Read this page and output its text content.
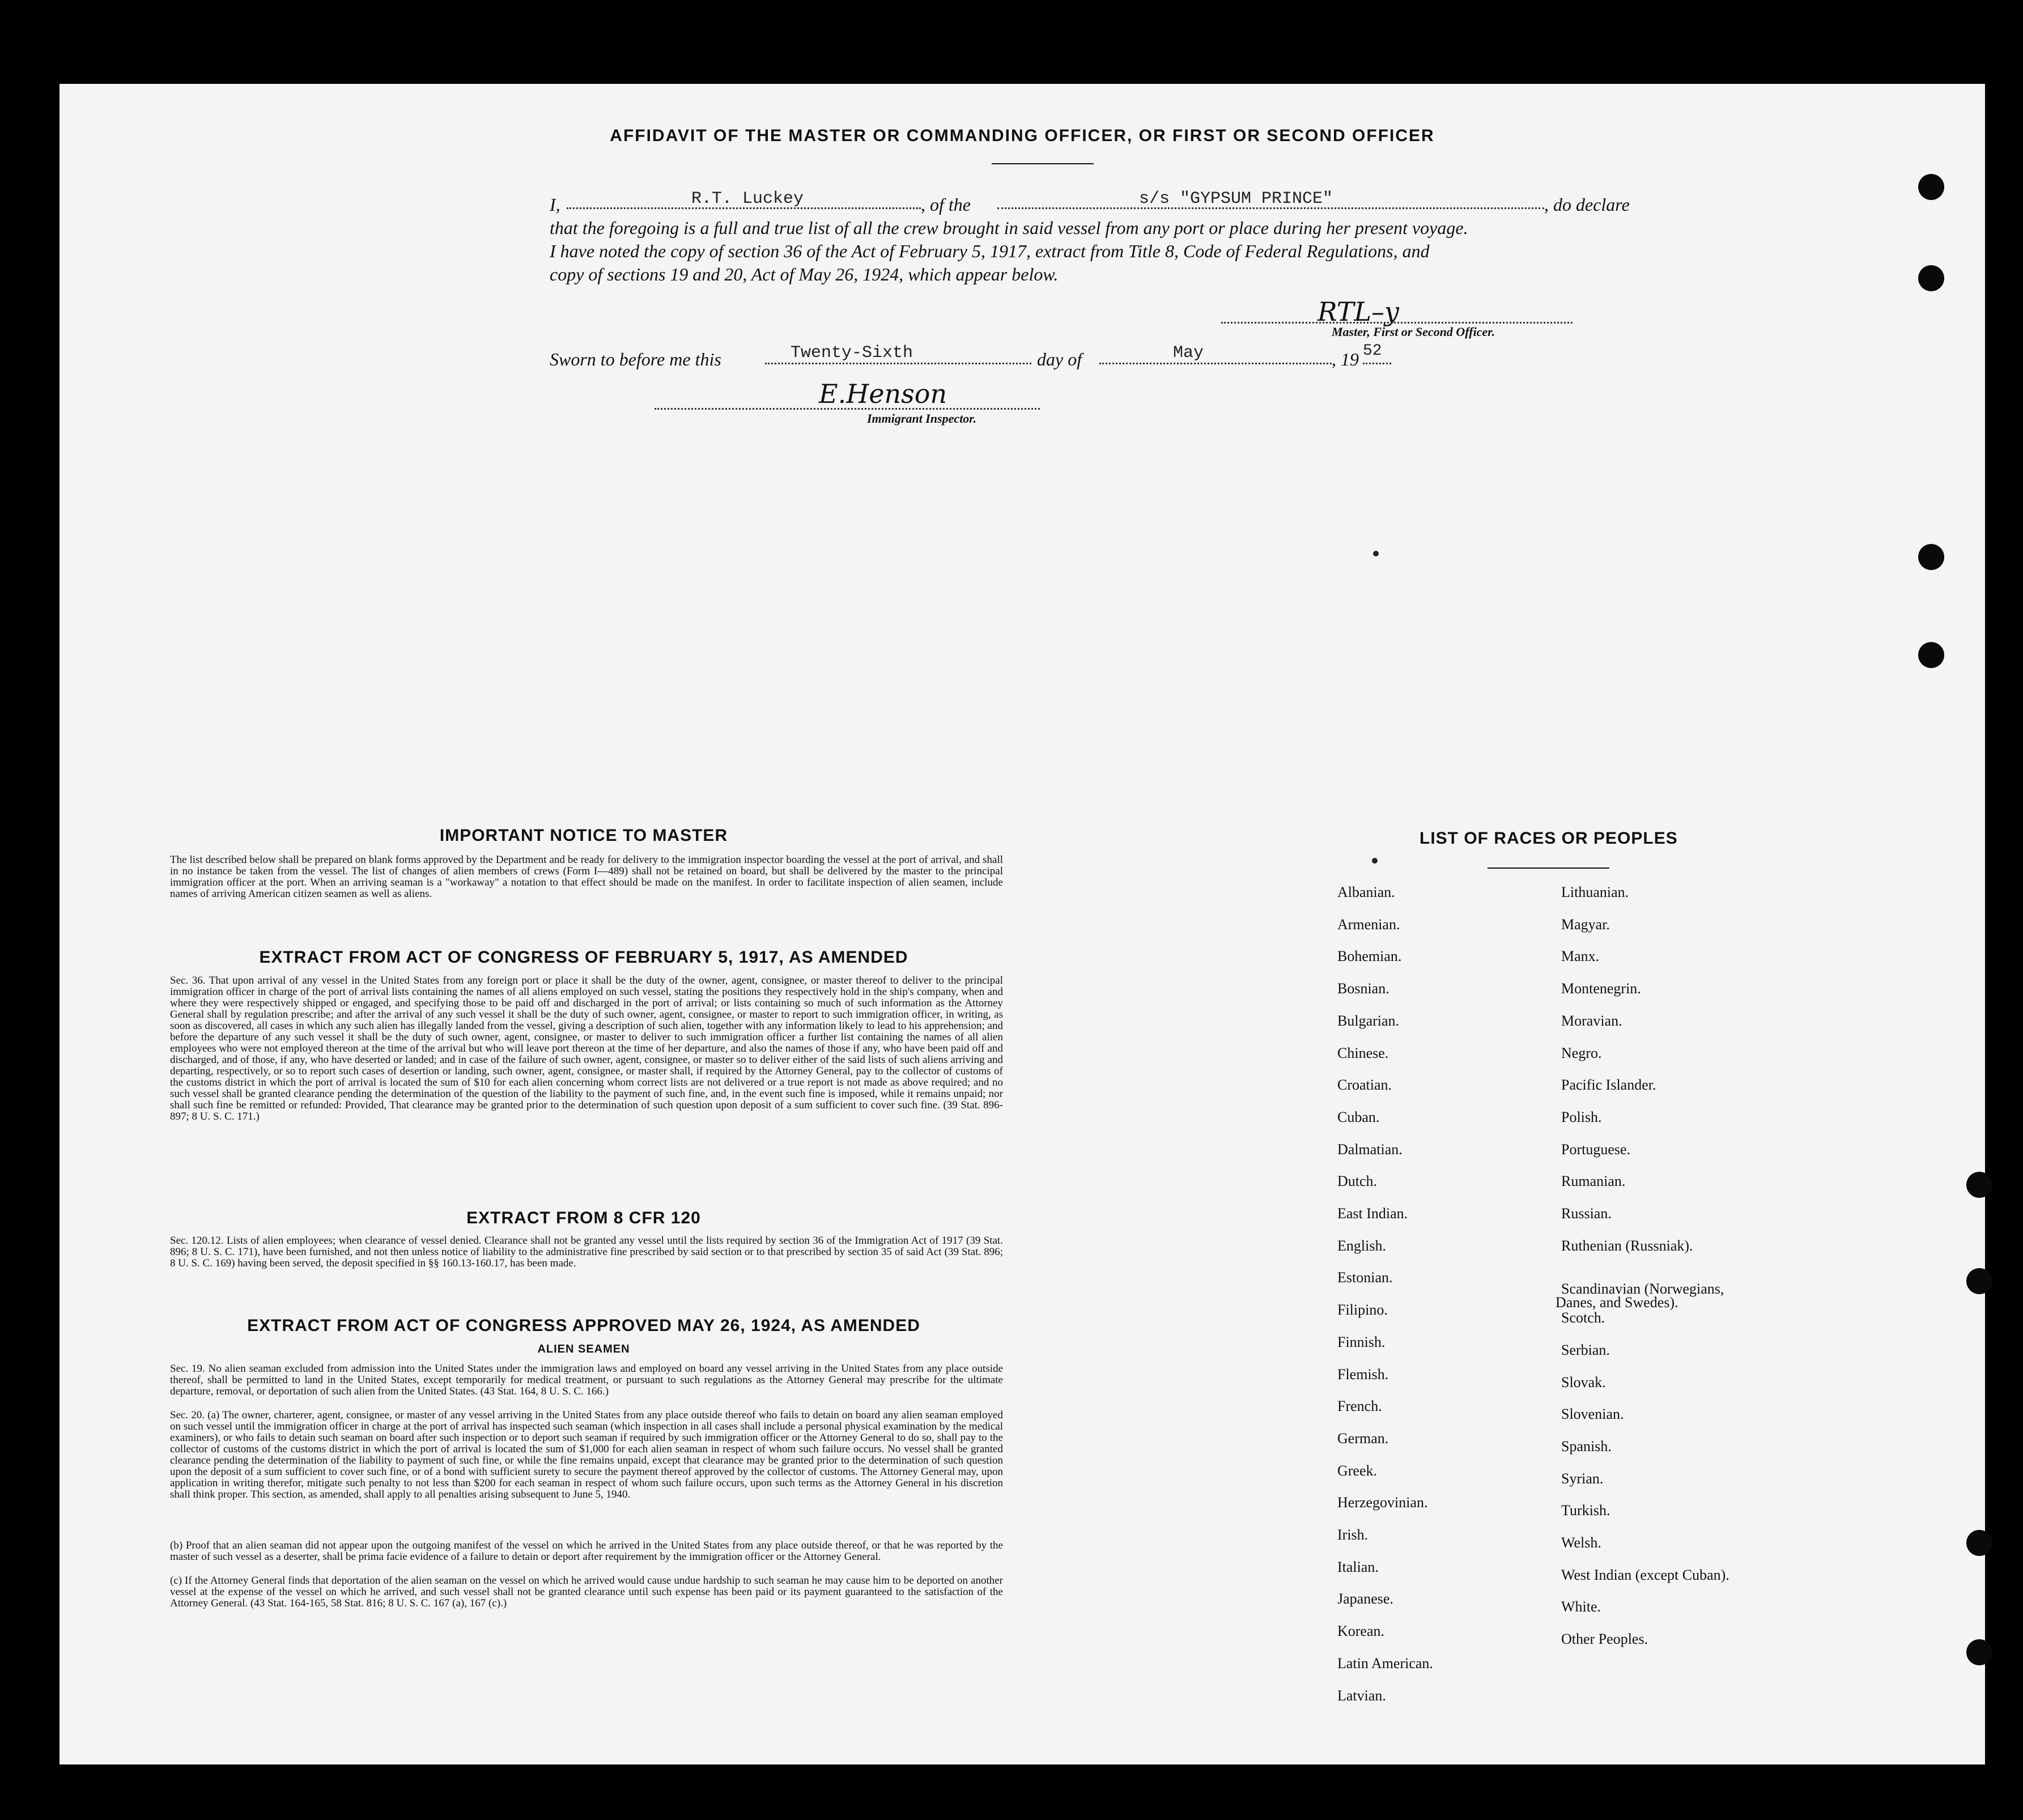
AFFIDAVIT OF THE MASTER OR COMMANDING OFFICER, OR FIRST OR SECOND OFFICER
I,	R.T. Luckey	, of the	s/s "GYPSUM PRINCE"	, do declare
that the foregoing is a full and true list of all the crew brought in said vessel from any port or place during her present voyage.
I have noted the copy of section 36 of the Act of February 5, 1917, extract from Title 8, Code of Federal Regulations, and
copy of sections 19 and 20, Act of May 26, 1924, which appear below.
RTL–y
Master, First or Second Officer.
Sworn to before me this	Twenty-Sixth	day of	May	, 19 52
E.Henson
Immigrant Inspector.
IMPORTANT NOTICE TO MASTER
The list described below shall be prepared on blank forms approved by the Department and be ready for delivery to the immigration inspector boarding the vessel at the port of arrival, and shall in no instance be taken from the vessel. The list of changes of alien members of crews (Form I—489) shall not be retained on board, but shall be delivered by the master to the principal immigration officer at the port. When an arriving seaman is a "workaway" a notation to that effect should be made on the manifest. In order to facilitate inspection of alien seamen, include names of arriving American citizen seamen as well as aliens.
EXTRACT FROM ACT OF CONGRESS OF FEBRUARY 5, 1917, AS AMENDED
Sec. 36. That upon arrival of any vessel in the United States from any foreign port or place it shall be the duty of the owner, agent, consignee, or master thereof to deliver to the principal immigration officer in charge of the port of arrival lists containing the names of all aliens employed on such vessel, stating the positions they respectively hold in the ship's company, when and where they were respectively shipped or engaged, and specifying those to be paid off and discharged in the port of arrival; or lists containing so much of such information as the Attorney General shall by regulation prescribe; and after the arrival of any such vessel it shall be the duty of such owner, agent, consignee, or master to report to such immigration officer, in writing, as soon as discovered, all cases in which any such alien has illegally landed from the vessel, giving a description of such alien, together with any information likely to lead to his apprehension; and before the departure of any such vessel it shall be the duty of such owner, agent, consignee, or master to deliver to such immigration officer a further list containing the names of all alien employees who were not employed thereon at the time of the arrival but who will leave port thereon at the time of her departure, and also the names of those if any, who have been paid off and discharged, and of those, if any, who have deserted or landed; and in case of the failure of such owner, agent, consignee, or master so to deliver either of the said lists of such aliens arriving and departing, respectively, or so to report such cases of desertion or landing, such owner, agent, consignee, or master shall, if required by the Attorney General, pay to the collector of customs of the customs district in which the port of arrival is located the sum of $10 for each alien concerning whom correct lists are not delivered or a true report is not made as above required; and no such vessel shall be granted clearance pending the determination of the question of the liability to the payment of such fine, and, in the event such fine is imposed, while it remains unpaid; nor shall such fine be remitted or refunded: Provided, That clearance may be granted prior to the determination of such question upon deposit of a sum sufficient to cover such fine. (39 Stat. 896-897; 8 U. S. C. 171.)
EXTRACT FROM 8 CFR 120
Sec. 120.12. Lists of alien employees; when clearance of vessel denied. Clearance shall not be granted any vessel until the lists required by section 36 of the Immigration Act of 1917 (39 Stat. 896; 8 U. S. C. 171), have been furnished, and not then unless notice of liability to the administrative fine prescribed by said section or to that prescribed by section 35 of said Act (39 Stat. 896; 8 U. S. C. 169) having been served, the deposit specified in §§ 160.13-160.17, has been made.
EXTRACT FROM ACT OF CONGRESS APPROVED MAY 26, 1924, AS AMENDED
ALIEN SEAMEN
Sec. 19. No alien seaman excluded from admission into the United States under the immigration laws and employed on board any vessel arriving in the United States from any place outside thereof, shall be permitted to land in the United States, except temporarily for medical treatment, or pursuant to such regulations as the Attorney General may prescribe for the ultimate departure, removal, or deportation of such alien from the United States. (43 Stat. 164, 8 U. S. C. 166.)
Sec. 20. (a) The owner, charterer, agent, consignee, or master of any vessel arriving in the United States from any place outside thereof who fails to detain on board any alien seaman employed on such vessel until the immigration officer in charge at the port of arrival has inspected such seaman (which inspection in all cases shall include a personal physical examination by the medical examiners), or who fails to detain such seaman on board after such inspection or to deport such seaman if required by such immigration officer or the Attorney General to do so, shall pay to the collector of customs of the customs district in which the port of arrival is located the sum of $1,000 for each alien seaman in respect of whom such failure occurs. No vessel shall be granted clearance pending the determination of the liability to payment of such fine, or while the fine remains unpaid, except that clearance may be granted prior to the determination of such question upon the deposit of a sum sufficient to cover such fine, or of a bond with sufficient surety to secure the payment thereof approved by the collector of customs. The Attorney General may, upon application in writing therefor, mitigate such penalty to not less than $200 for each seaman in respect of whom such failure occurs, upon such terms as the Attorney General in his discretion shall think proper. This section, as amended, shall apply to all penalties arising subsequent to June 5, 1940.
(b) Proof that an alien seaman did not appear upon the outgoing manifest of the vessel on which he arrived in the United States from any place outside thereof, or that he was reported by the master of such vessel as a deserter, shall be prima facie evidence of a failure to detain or deport after requirement by the immigration officer or the Attorney General.
(c) If the Attorney General finds that deportation of the alien seaman on the vessel on which he arrived would cause undue hardship to such seaman he may cause him to be deported on another vessel at the expense of the vessel on which he arrived, and such vessel shall not be granted clearance until such expense has been paid or its payment guaranteed to the satisfaction of the Attorney General. (43 Stat. 164-165, 58 Stat. 816; 8 U. S. C. 167 (a), 167 (c).)
LIST OF RACES OR PEOPLES
Albanian.
Armenian.
Bohemian.
Bosnian.
Bulgarian.
Chinese.
Croatian.
Cuban.
Dalmatian.
Dutch.
East Indian.
English.
Estonian.
Filipino.
Finnish.
Flemish.
French.
German.
Greek.
Herzegovinian.
Irish.
Italian.
Japanese.
Korean.
Latin American.
Latvian.
Lithuanian.
Magyar.
Manx.
Montenegrin.
Moravian.
Negro.
Pacific Islander.
Polish.
Portuguese.
Rumanian.
Russian.
Ruthenian (Russniak).
Scandinavian (Norwegians,
Danes, and Swedes).
Scotch.
Serbian.
Slovak.
Slovenian.
Spanish.
Syrian.
Turkish.
Welsh.
West Indian (except Cuban).
White.
Other Peoples.
